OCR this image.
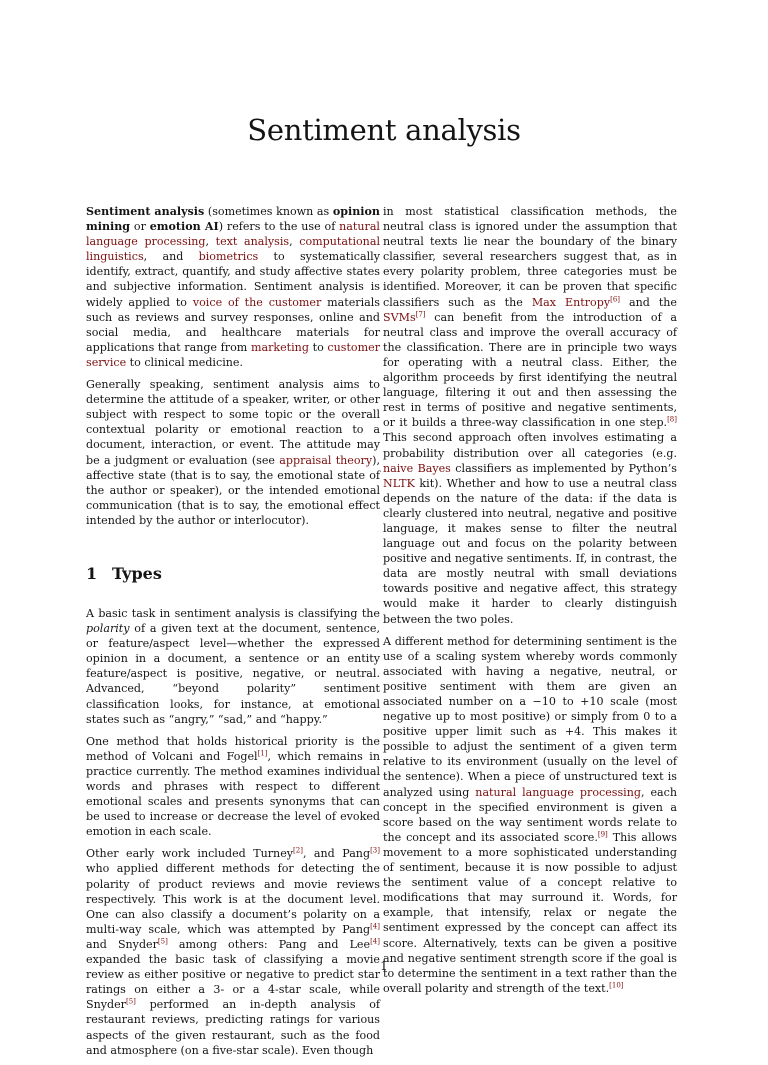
Sentiment analysis

Sentiment analysis (sometimes known as opinion mining or emotion AI) refers to the use of natural language processing, text analysis, computational linguistics, and biometrics to systematically identify, extract, quantify, and study affective states and subjective information. Sentiment analysis is widely applied to voice of the customer materials such as reviews and survey responses, online and social media, and healthcare materials for applications that range from marketing to customer service to clinical medicine.

Generally speaking, sentiment analysis aims to determine the attitude of a speaker, writer, or other subject with respect to some topic or the overall contextual polarity or emotional reaction to a document, interaction, or event. The attitude may be a judgment or evaluation (see appraisal theory), affective state (that is to say, the emotional state of the author or speaker), or the intended emotional communication (that is to say, the emotional effect intended by the author or interlocutor).

1 Types

A basic task in sentiment analysis is classifying the polarity of a given text at the document, sentence, or feature/aspect level—whether the expressed opinion in a document, a sentence or an entity feature/aspect is positive, negative, or neutral. Advanced, “beyond polarity” sentiment classification looks, for instance, at emotional states such as “angry,” “sad,” and “happy.”

One method that holds historical priority is the method of Volcani and Fogel[1], which remains in practice currently. The method examines individual words and phrases with respect to different emotional scales and presents synonyms that can be used to increase or decrease the level of evoked emotion in each scale.

Other early work included Turney[2], and Pang[3] who applied different methods for detecting the polarity of product reviews and movie reviews respectively. This work is at the document level. One can also classify a document’s polarity on a multi-way scale, which was attempted by Pang[4] and Snyder[5] among others: Pang and Lee[4] expanded the basic task of classifying a movie review as either positive or negative to predict star ratings on either a 3- or a 4-star scale, while Snyder[5] performed an in-depth analysis of restaurant reviews, predicting ratings for various aspects of the given restaurant, such as the food and atmosphere (on a five-star scale). Even though

in most statistical classification methods, the neutral class is ignored under the assumption that neutral texts lie near the boundary of the binary classifier, several researchers suggest that, as in every polarity problem, three categories must be identified. Moreover, it can be proven that specific classifiers such as the Max Entropy[6] and the SVMs[7] can benefit from the introduction of a neutral class and improve the overall accuracy of the classification. There are in principle two ways for operating with a neutral class. Either, the algorithm proceeds by first identifying the neutral language, filtering it out and then assessing the rest in terms of positive and negative sentiments, or it builds a three-way classification in one step.[8] This second approach often involves estimating a probability distribution over all categories (e.g. naive Bayes classifiers as implemented by Python’s NLTK kit). Whether and how to use a neutral class depends on the nature of the data: if the data is clearly clustered into neutral, negative and positive language, it makes sense to filter the neutral language out and focus on the polarity between positive and negative sentiments. If, in contrast, the data are mostly neutral with small deviations towards positive and negative affect, this strategy would make it harder to clearly distinguish between the two poles.

A different method for determining sentiment is the use of a scaling system whereby words commonly associated with having a negative, neutral, or positive sentiment with them are given an associated number on a −10 to +10 scale (most negative up to most positive) or simply from 0 to a positive upper limit such as +4. This makes it possible to adjust the sentiment of a given term relative to its environment (usually on the level of the sentence). When a piece of unstructured text is analyzed using natural language processing, each concept in the specified environment is given a score based on the way sentiment words relate to the concept and its associated score.[9] This allows movement to a more sophisticated understanding of sentiment, because it is now possible to adjust the sentiment value of a concept relative to modifications that may surround it. Words, for example, that intensify, relax or negate the sentiment expressed by the concept can affect its score. Alternatively, texts can be given a positive and negative sentiment strength score if the goal is to determine the sentiment in a text rather than the overall polarity and strength of the text.[10]

1
